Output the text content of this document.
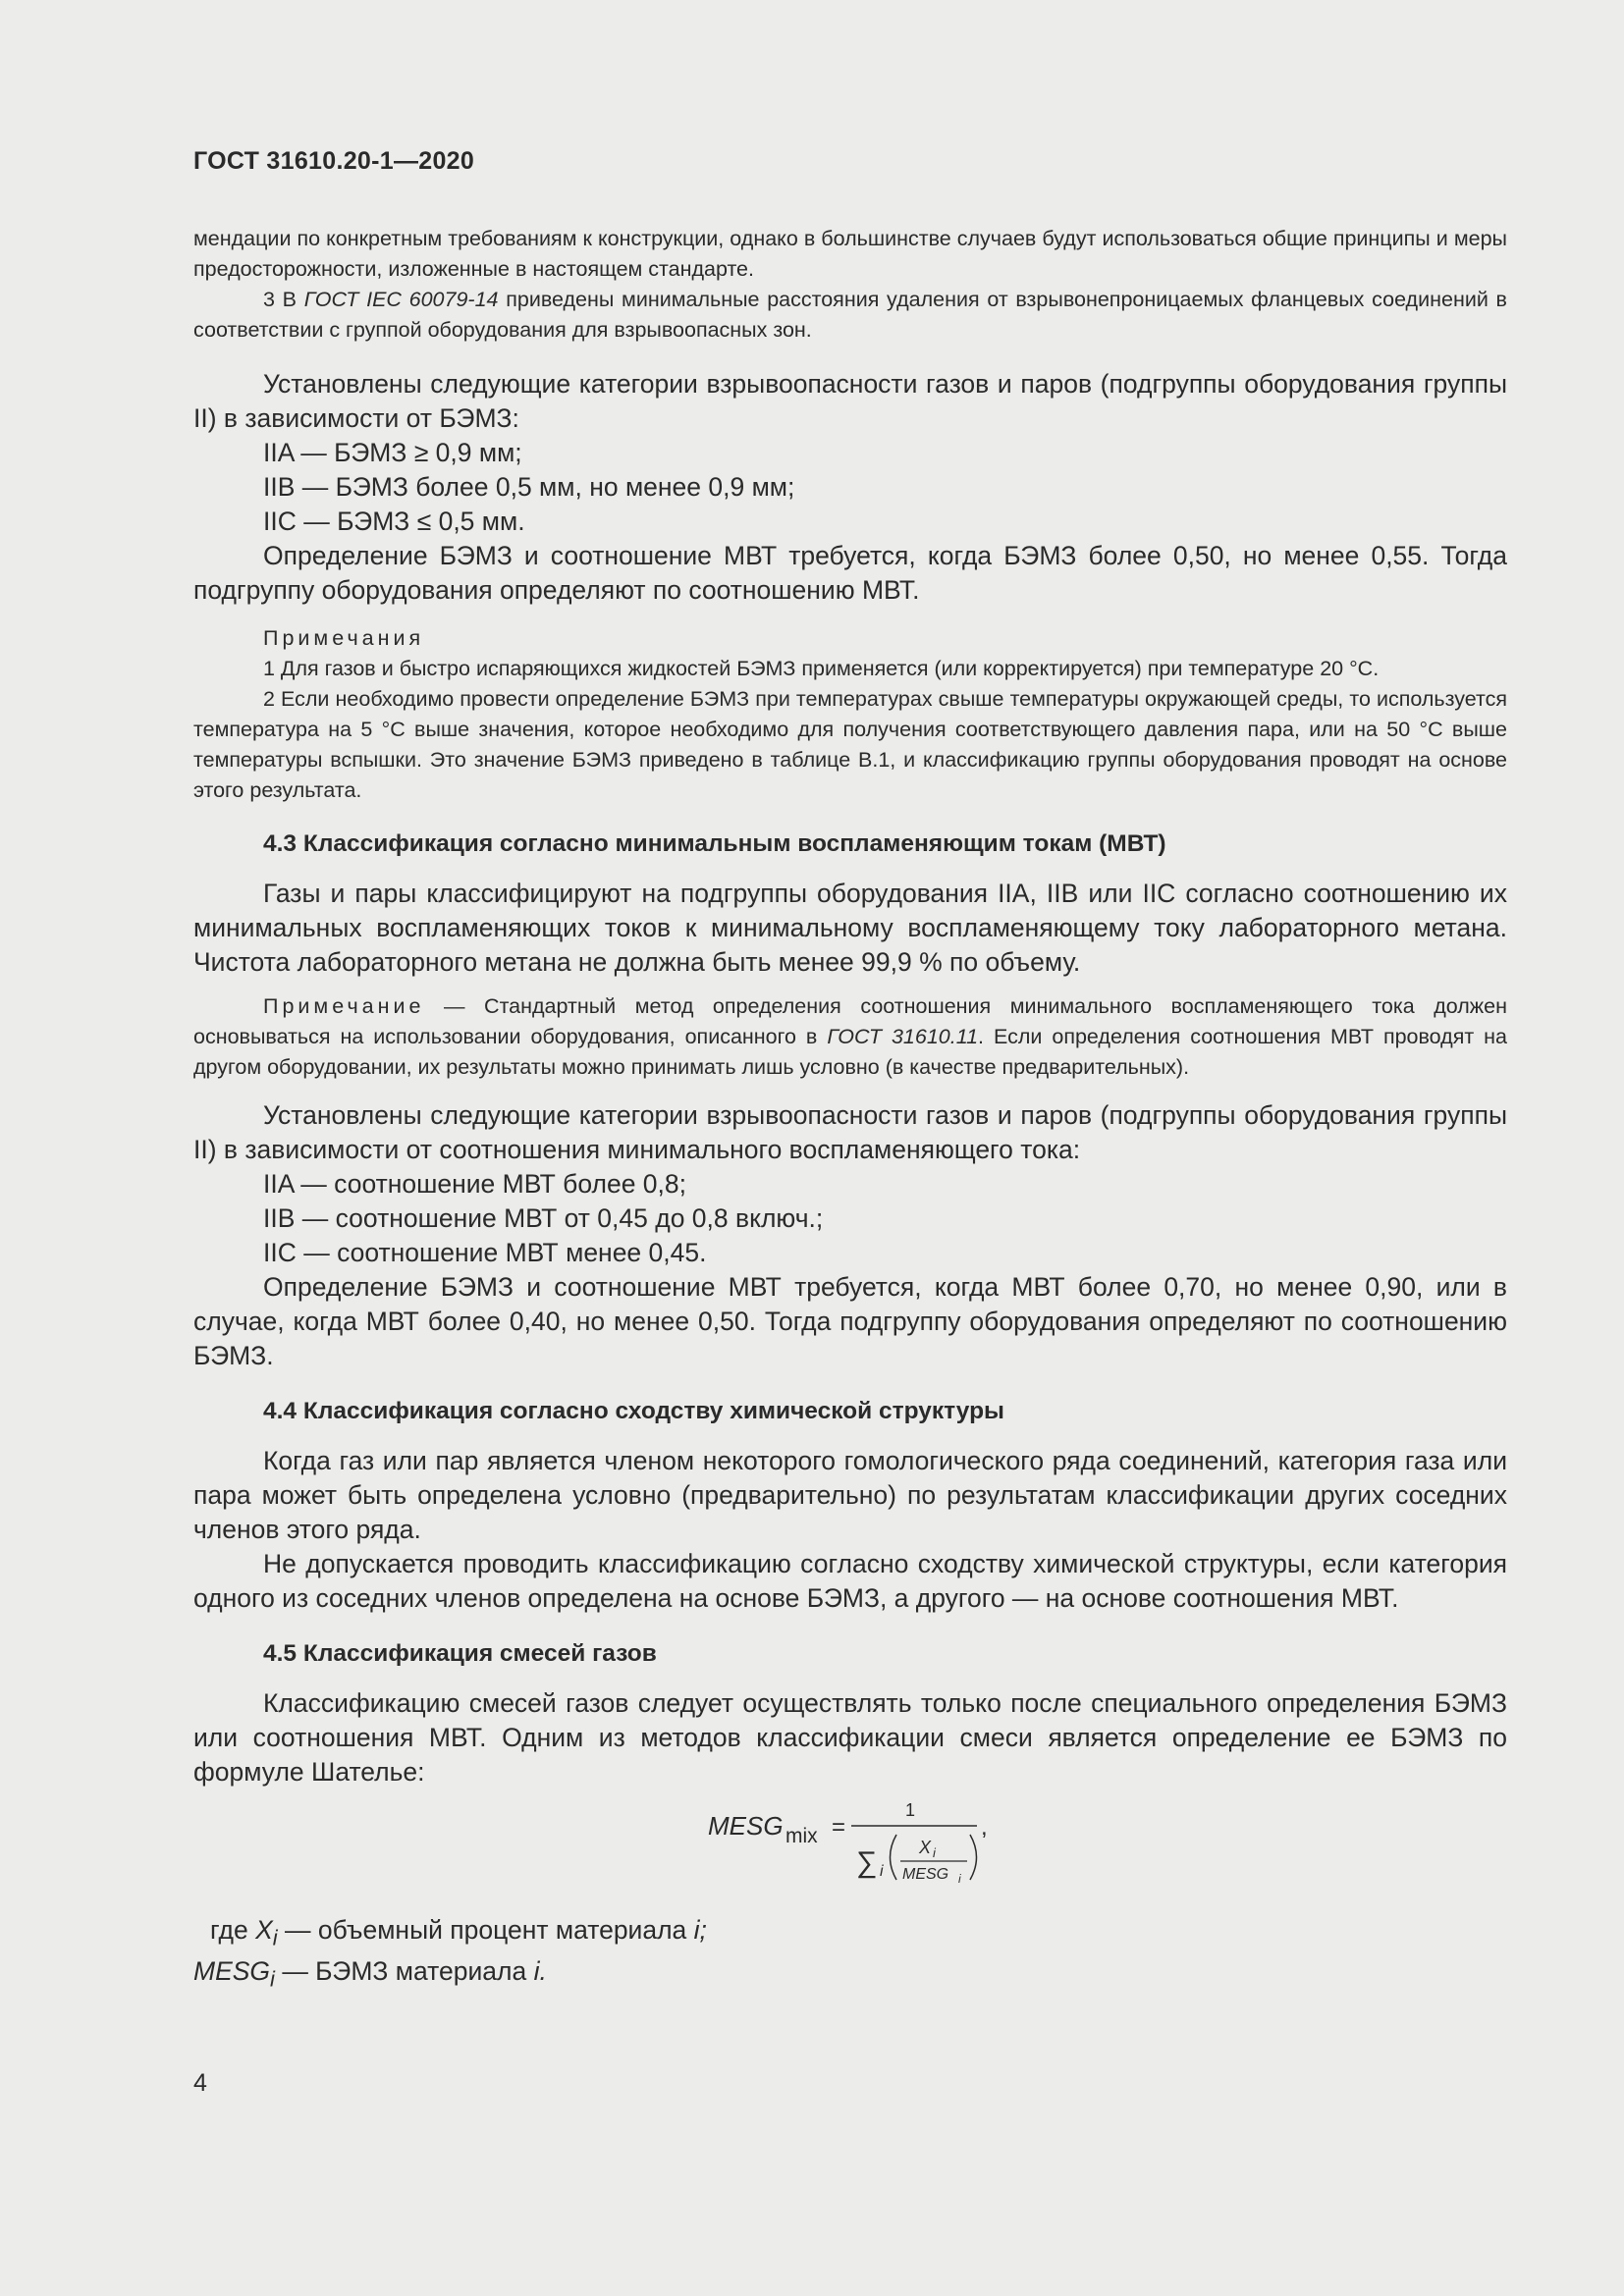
ГОСТ 31610.20-1—2020

мендации по конкретным требованиям к конструкции, однако в большинстве случаев будут использоваться общие принципы и меры предосторожности, изложенные в настоящем стандарте.

3 В ГОСТ IEC 60079-14 приведены минимальные расстояния удаления от взрывонепроницаемых фланцевых соединений в соответствии с группой оборудования для взрывоопасных зон.

Установлены следующие категории взрывоопасности газов и паров (подгруппы оборудования группы II) в зависимости от БЭМЗ:

IIA — БЭМЗ ≥ 0,9 мм;

IIB — БЭМЗ более 0,5 мм, но менее 0,9 мм;

IIC — БЭМЗ ≤ 0,5 мм.

Определение БЭМЗ и соотношение МВТ требуется, когда БЭМЗ более 0,50, но менее 0,55. Тогда подгруппу оборудования определяют по соотношению МВТ.

Примечания

1 Для газов и быстро испаряющихся жидкостей БЭМЗ применяется (или корректируется) при температуре 20 °C.

2 Если необходимо провести определение БЭМЗ при температурах свыше температуры окружающей среды, то используется температура на 5 °C выше значения, которое необходимо для получения соответствующего давления пара, или на 50 °C выше температуры вспышки. Это значение БЭМЗ приведено в таблице В.1, и классификацию группы оборудования проводят на основе этого результата.

4.3 Классификация согласно минимальным воспламеняющим токам (МВТ)

Газы и пары классифицируют на подгруппы оборудования IIA, IIB или IIC согласно соотношению их минимальных воспламеняющих токов к минимальному воспламеняющему току лабораторного метана. Чистота лабораторного метана не должна быть менее 99,9 % по объему.

Примечание — Стандартный метод определения соотношения минимального воспламеняющего тока должен основываться на использовании оборудования, описанного в ГОСТ 31610.11. Если определения соотношения МВТ проводят на другом оборудовании, их результаты можно принимать лишь условно (в качестве предварительных).

Установлены следующие категории взрывоопасности газов и паров (подгруппы оборудования группы II) в зависимости от соотношения минимального воспламеняющего тока:

IIA — соотношение МВТ более 0,8;

IIB — соотношение МВТ от 0,45 до 0,8 включ.;

IIC — соотношение МВТ менее 0,45.

Определение БЭМЗ и соотношение МВТ требуется, когда МВТ более 0,70, но менее 0,90, или в случае, когда МВТ более 0,40, но менее 0,50. Тогда подгруппу оборудования определяют по соотношению БЭМЗ.

4.4 Классификация согласно сходству химической структуры

Когда газ или пар является членом некоторого гомологического ряда соединений, категория газа или пара может быть определена условно (предварительно) по результатам классификации других соседних членов этого ряда.

Не допускается проводить классификацию согласно сходству химической структуры, если категория одного из соседних членов определена на основе БЭМЗ, а другого — на основе соотношения МВТ.

4.5 Классификация смесей газов

Классификацию смесей газов следует осуществлять только после специального определения БЭМЗ или соотношения МВТ. Одним из методов классификации смеси является определение ее БЭМЗ по формуле Шателье:

MESG mix =
1
∑ i
X i
MESG i
,
где $X_i$ — объемный процент материала i;
$MESG_i$ — БЭМЗ материала i.
4
